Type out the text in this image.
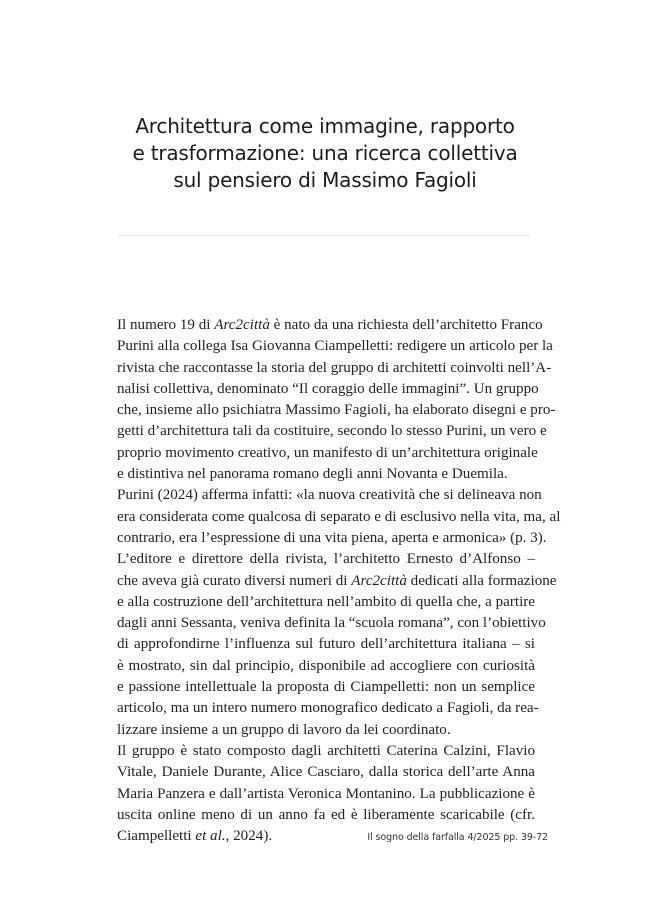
Architettura come immagine, rapporto
e trasformazione: una ricerca collettiva
sul pensiero di Massimo Fagioli

Il numero 19 di Arc2città è nato da una richiesta dell’architetto Franco
Purini alla collega Isa Giovanna Ciampelletti: redigere un articolo per la
rivista che raccontasse la storia del gruppo di architetti coinvolti nell’A-
nalisi collettiva, denominato “Il coraggio delle immagini”. Un gruppo
che, insieme allo psichiatra Massimo Fagioli, ha elaborato disegni e pro-
getti d’architettura tali da costituire, secondo lo stesso Purini, un vero e
proprio movimento creativo, un manifesto di un’architettura originale
e distintiva nel panorama romano degli anni Novanta e Duemila.

Purini (2024) afferma infatti: «la nuova creatività che si delineava non
era considerata come qualcosa di separato e di esclusivo nella vita, ma, al
contrario, era l’espressione di una vita piena, aperta e armonica» (p. 3).

L’editore e direttore della rivista, l’architetto Ernesto d’Alfonso –
che aveva già curato diversi numeri di Arc2città dedicati alla formazione
e alla costruzione dell’architettura nell’ambito di quella che, a partire
dagli anni Sessanta, veniva definita la “scuola romana”, con l’obiettivo
di approfondirne l’influenza sul futuro dell’architettura italiana – si
è mostrato, sin dal principio, disponibile ad accogliere con curiosità
e passione intellettuale la proposta di Ciampelletti: non un semplice
articolo, ma un intero numero monografico dedicato a Fagioli, da rea-
lizzare insieme a un gruppo di lavoro da lei coordinato.

Il gruppo è stato composto dagli architetti Caterina Calzini, Flavio
Vitale, Daniele Durante, Alice Casciaro, dalla storica dell’arte Anna
Maria Panzera e dall’artista Veronica Montanino. La pubblicazione è
uscita online meno di un anno fa ed è liberamente scaricabile (cfr.
Ciampelletti et al., 2024).	Il sogno della farfalla 4/2025 pp. 39-72
